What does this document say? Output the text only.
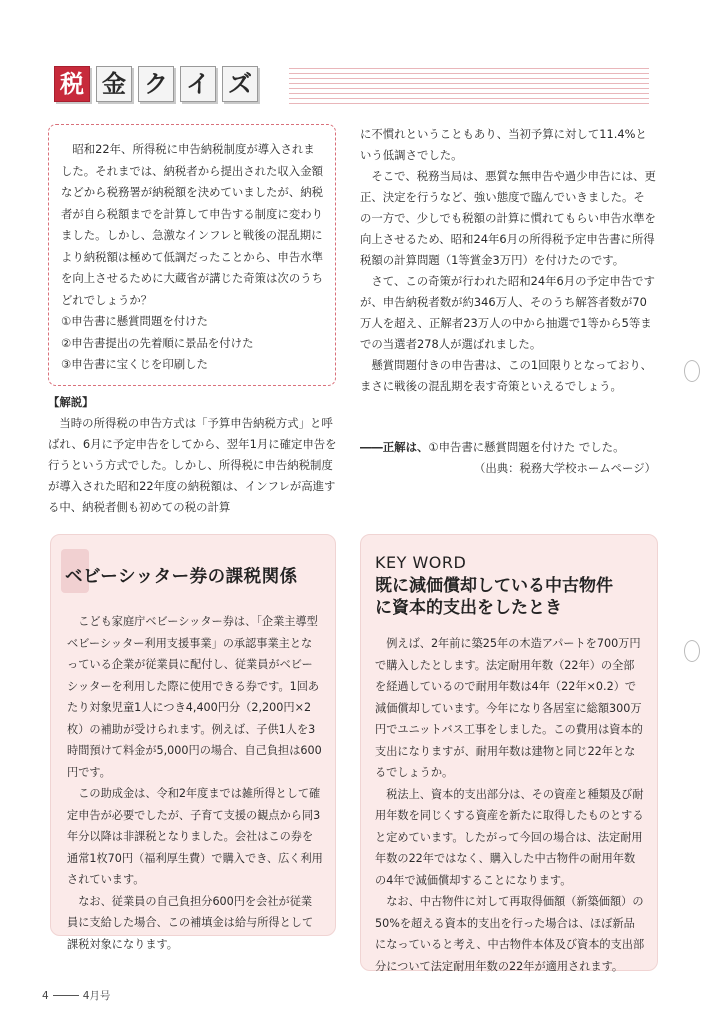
税 金 ク イ ズ

昭和22年、所得税に申告納税制度が導入されました。それまでは、納税者から提出された収入金額などから税務署が納税額を決めていましたが、納税者が自ら税額までを計算して申告する制度に変わりました。しかし、急激なインフレと戦後の混乱期により納税額は極めて低調だったことから、申告水準を向上させるために大蔵省が講じた奇策は次のうちどれでしょうか？

①申告書に懸賞問題を付けた

②申告書提出の先着順に景品を付けた

③申告書に宝くじを印刷した

【解説】

当時の所得税の申告方式は「予算申告納税方式」と呼ばれ、6月に予定申告をしてから、翌年1月に確定申告を行うという方式でした。しかし、所得税に申告納税制度が導入された昭和22年度の納税額は、インフレが高進する中、納税者側も初めての税の計算

に不慣れということもあり、当初予算に対して11.4%という低調さでした。

そこで、税務当局は、悪質な無申告や過少申告には、更正、決定を行うなど、強い態度で臨んでいきました。その一方で、少しでも税額の計算に慣れてもらい申告水準を向上させるため、昭和24年6月の所得税予定申告書に所得税額の計算問題（1等賞金3万円）を付けたのです。

さて、この奇策が行われた昭和24年6月の予定申告ですが、申告納税者数が約346万人、そのうち解答者数が70万人を超え、正解者23万人の中から抽選で1等から5等までの当選者278人が選ばれました。

懸賞問題付きの申告書は、この1回限りとなっており、まさに戦後の混乱期を表す奇策といえるでしょう。

――正解は、①申告書に懸賞問題を付けた でした。

（出典：税務大学校ホームページ）

ベビーシッター券の課税関係

こども家庭庁ベビーシッター券は、「企業主導型ベビーシッター利用支援事業」の承認事業主となっている企業が従業員に配付し、従業員がベビーシッターを利用した際に使用できる券です。1回あたり対象児童1人につき4,400円分（2,200円×2枚）の補助が受けられます。例えば、子供1人を3時間預けて料金が5,000円の場合、自己負担は600円です。

この助成金は、令和2年度までは雑所得として確定申告が必要でしたが、子育て支援の観点から同3年分以降は非課税となりました。会社はこの券を通常1枚70円（福利厚生費）で購入でき、広く利用されています。

なお、従業員の自己負担分600円を会社が従業員に支給した場合、この補填金は給与所得として課税対象になります。

KEY WORD
既に減価償却している中古物件
に資本的支出をしたとき

例えば、2年前に築25年の木造アパートを700万円で購入したとします。法定耐用年数（22年）の全部を経過しているので耐用年数は4年（22年×0.2）で減価償却しています。今年になり各居室に総額300万円でユニットバス工事をしました。この費用は資本的支出になりますが、耐用年数は建物と同じ22年となるでしょうか。

税法上、資本的支出部分は、その資産と種類及び耐用年数を同じくする資産を新たに取得したものとすると定めています。したがって今回の場合は、法定耐用年数の22年ではなく、購入した中古物件の耐用年数の4年で減価償却することになります。

なお、中古物件に対して再取得価額（新築価額）の50%を超える資本的支出を行った場合は、ほぼ新品になっていると考え、中古物件本体及び資本的支出部分について法定耐用年数の22年が適用されます。

4	4月号
